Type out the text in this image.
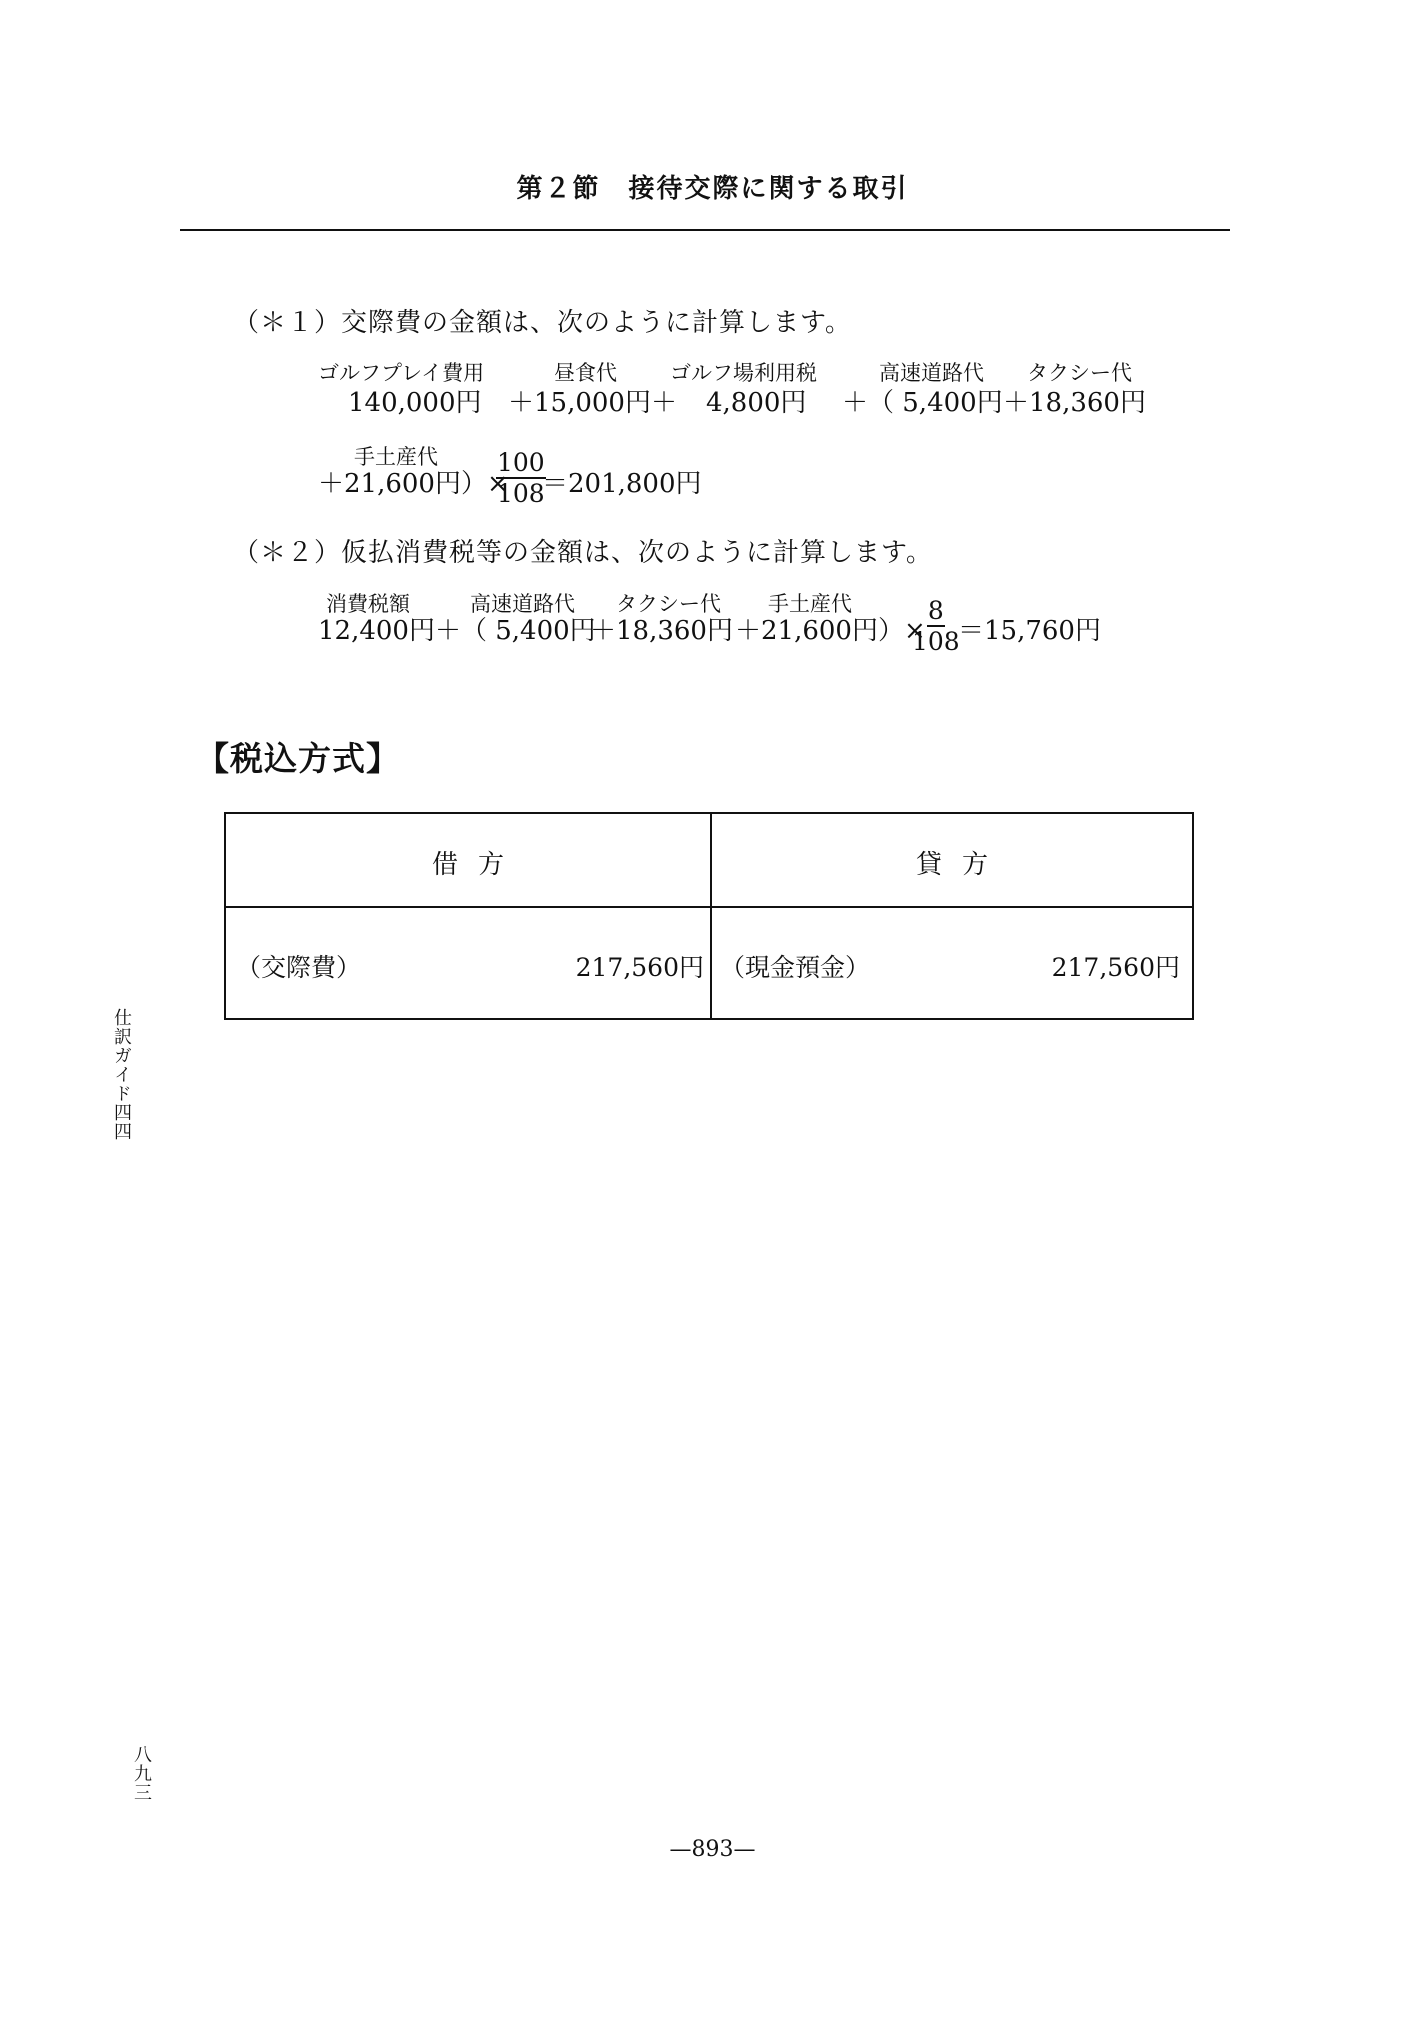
第２節　接待交際に関する取引
（＊１） 交際費の金額は、次のように計算します。
ゴルフプレイ費用	昼食代	ゴルフ場利用税	高速道路代 タクシー代
140,000円 ＋15,000円＋ 4,800円 ＋（ 5,400円 ＋18,360円
手土産代
＋21,600円）×
$\frac{100}{108}$
＝201,800円
（＊２） 仮払消費税等の金額は、次のように計算します。
消費税額	高速道路代 タクシー代 手土産代
12,400円＋（ 5,400円
＋18,360円 ＋21,600円）×
$\frac{8}{108}$
＝15,760円
【税込方式】
借方	貸方
（交際費）	217,560円 （現金預金）	217,560円
仕訳ガイド四四
八九三
—893—
